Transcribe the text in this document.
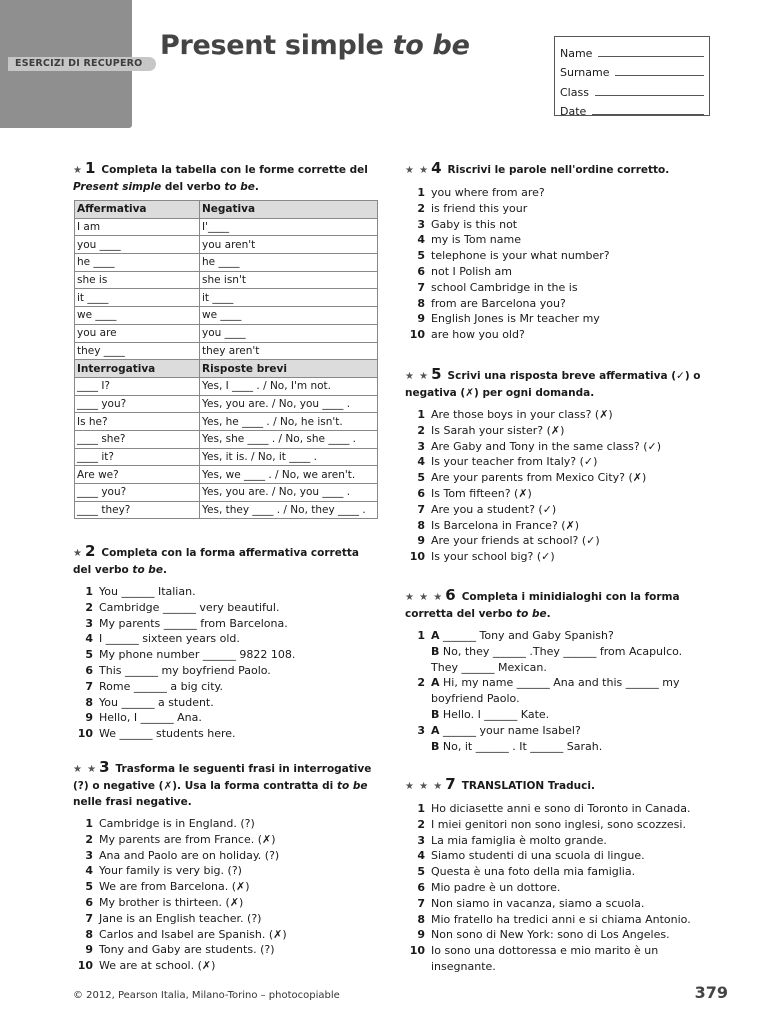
ESERCIZI DI RECUPERO
Present simple to be	Name
Surname
Class
Date
★ 1 Completa la tabella con le forme corrette del Present simple del verbo to be.
Affermativa	Negativa
I am	I'____
you ____	you aren't
he ____	he ____
she is	she isn't
it ____	it ____
we ____	we ____
you are	you ____
they ____	they aren't
Interrogativa	Risposte brevi
____ I?	Yes, I ____ . / No, I'm not.
____ you?	Yes, you are. / No, you ____ .
Is he?	Yes, he ____ . / No, he isn't.
____ she?	Yes, she ____ . / No, she ____ .
____ it?	Yes, it is. / No, it ____ .
Are we?	Yes, we ____ . / No, we aren't.
____ you?	Yes, you are. / No, you ____ .
____ they?	Yes, they ____ . / No, they ____ .
★ 2 Completa con la forma affermativa corretta del verbo to be.
1 You ______ Italian.
2 Cambridge ______ very beautiful.
3 My parents ______ from Barcelona.
4 I ______ sixteen years old.
5 My phone number ______ 9822 108.
6 This ______ my boyfriend Paolo.
7 Rome ______ a big city.
8 You ______ a student.
9 Hello, I ______ Ana.
10 We ______ students here.
★ ★ 3 Trasforma le seguenti frasi in interrogative (?) o negative (✗). Usa la forma contratta di to be nelle frasi negative.
1 Cambridge is in England. (?)
2 My parents are from France. (✗)
3 Ana and Paolo are on holiday. (?)
4 Your family is very big. (?)
5 We are from Barcelona. (✗)
6 My brother is thirteen. (✗)
7 Jane is an English teacher. (?)
8 Carlos and Isabel are Spanish. (✗)
9 Tony and Gaby are students. (?)
10 We are at school. (✗)
★ ★ 4 Riscrivi le parole nell'ordine corretto.
1 you where from are?
2 is friend this your
3 Gaby is this not
4 my is Tom name
5 telephone is your what number?
6 not I Polish am
7 school Cambridge in the is
8 from are Barcelona you?
9 English Jones is Mr teacher my
10 are how you old?
★ ★ 5 Scrivi una risposta breve affermativa (✓) o negativa (✗) per ogni domanda.
1 Are those boys in your class? (✗)
2 Is Sarah your sister? (✗)
3 Are Gaby and Tony in the same class? (✓)
4 Is your teacher from Italy? (✓)
5 Are your parents from Mexico City? (✗)
6 Is Tom fifteen? (✗)
7 Are you a student? (✓)
8 Is Barcelona in France? (✗)
9 Are your friends at school? (✓)
10 Is your school big? (✓)
★ ★ ★ 6 Completa i minidialoghi con la forma corretta del verbo to be.
1 A ______ Tony and Gaby Spanish?
B No, they ______ .They ______ from Acapulco.
They ______ Mexican.
2 A Hi, my name ______ Ana and this ______ my
boyfriend Paolo.
B Hello. I ______ Kate.
3 A ______ your name Isabel?
B No, it ______ . It ______ Sarah.
★ ★ ★ 7 TRANSLATION Traduci.
1 Ho diciasette anni e sono di Toronto in Canada.
2 I miei genitori non sono inglesi, sono scozzesi.
3 La mia famiglia è molto grande.
4 Siamo studenti di una scuola di lingue.
5 Questa è una foto della mia famiglia.
6 Mio padre è un dottore.
7 Non siamo in vacanza, siamo a scuola.
8 Mio fratello ha tredici anni e si chiama Antonio.
9 Non sono di New York: sono di Los Angeles.
10 Io sono una dottoressa e mio marito è un insegnante.
© 2012, Pearson Italia, Milano-Torino – photocopiable	379
